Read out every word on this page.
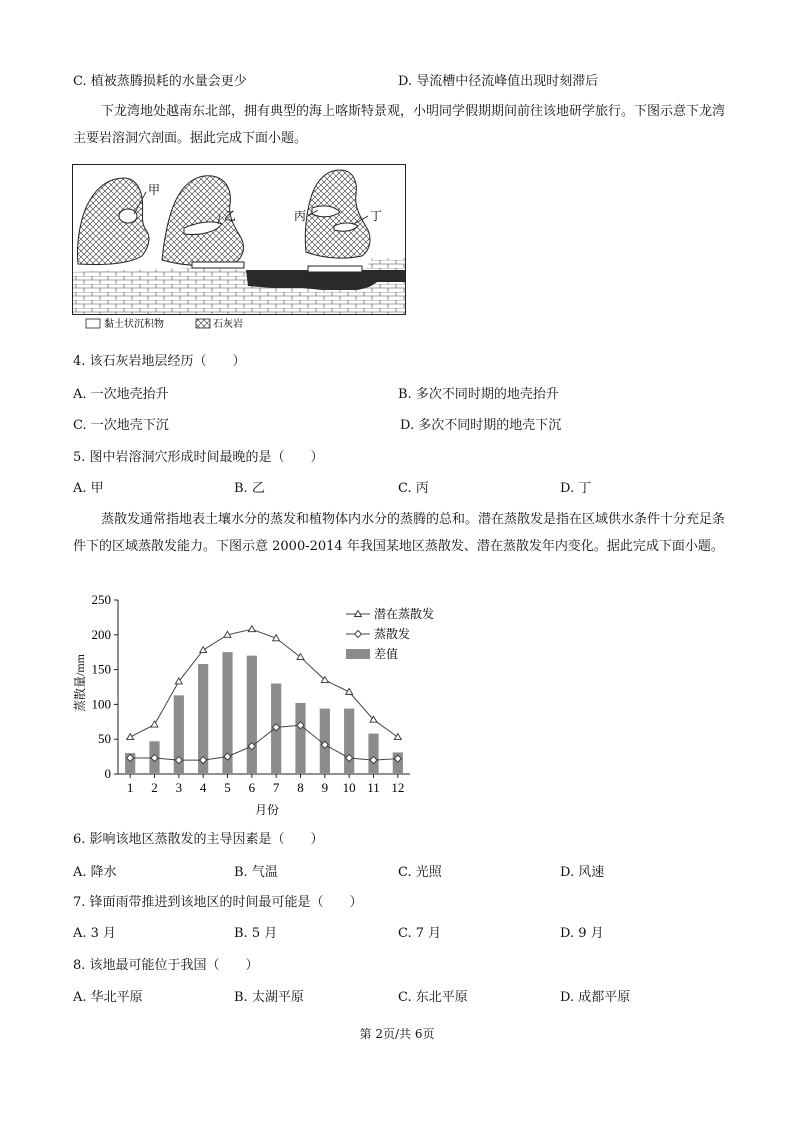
C. 植被蒸腾损耗的水量会更少	D. 导流槽中径流峰值出现时刻滞后
下龙湾地处越南东北部，拥有典型的海上喀斯特景观，小明同学假期期间前往该地研学旅行。下图示意下龙湾主要岩溶洞穴剖面。据此完成下面小题。
甲
乙	丙	丁
黏土状沉积物	石灰岩
4. 该石灰岩地层经历（　　）
A. 一次地壳抬升	B. 多次不同时期的地壳抬升
C. 一次地壳下沉	D. 多次不同时期的地壳下沉
5. 图中岩溶洞穴形成时间最晚的是（　　）
A. 甲	B. 乙	C. 丙	D. 丁
蒸散发通常指地表土壤水分的蒸发和植物体内水分的蒸腾的总和。潜在蒸散发是指在区域供水条件十分充足条件下的区域蒸散发能力。下图示意 2000-2014 年我国某地区蒸散发、潜在蒸散发年内变化。据此完成下面小题。
0
50
100
150
200
250
1 2 3 4 5 6 7 8 9 10 11 12
潜在蒸散发
蒸散发
差值
月份
蒸散量/mm
6. 影响该地区蒸散发的主导因素是（　　）
A. 降水	B. 气温	C. 光照	D. 风速
7. 锋面雨带推进到该地区的时间最可能是（　　）
A. 3 月	B. 5 月	C. 7 月	D. 9 月
8. 该地最可能位于我国（　　）
A. 华北平原	B. 太湖平原	C. 东北平原	D. 成都平原
第 2页/共 6页
